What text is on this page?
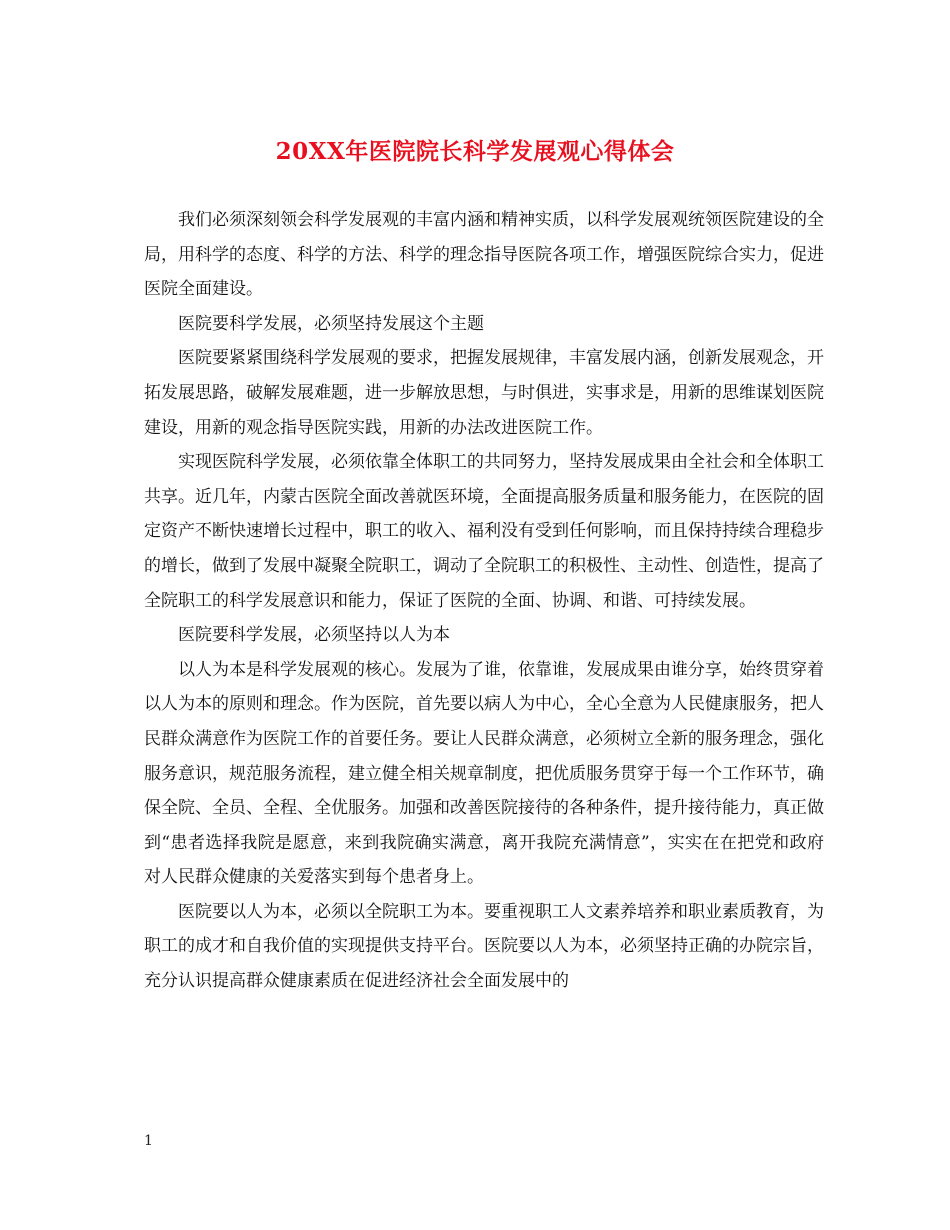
20XX年医院院长科学发展观心得体会

我们必须深刻领会科学发展观的丰富内涵和精神实质，以科学发展观统领医院建设的全局，用科学的态度、科学的方法、科学的理念指导医院各项工作，增强医院综合实力，促进医院全面建设。

医院要科学发展，必须坚持发展这个主题

医院要紧紧围绕科学发展观的要求，把握发展规律，丰富发展内涵，创新发展观念，开拓发展思路，破解发展难题，进一步解放思想，与时俱进，实事求是，用新的思维谋划医院建设，用新的观念指导医院实践，用新的办法改进医院工作。

实现医院科学发展，必须依靠全体职工的共同努力，坚持发展成果由全社会和全体职工共享。近几年，内蒙古医院全面改善就医环境，全面提高服务质量和服务能力，在医院的固定资产不断快速增长过程中，职工的收入、福利没有受到任何影响，而且保持持续合理稳步的增长，做到了发展中凝聚全院职工，调动了全院职工的积极性、主动性、创造性，提高了全院职工的科学发展意识和能力，保证了医院的全面、协调、和谐、可持续发展。

医院要科学发展，必须坚持以人为本

以人为本是科学发展观的核心。发展为了谁，依靠谁，发展成果由谁分享，始终贯穿着以人为本的原则和理念。作为医院，首先要以病人为中心，全心全意为人民健康服务，把人民群众满意作为医院工作的首要任务。要让人民群众满意，必须树立全新的服务理念，强化服务意识，规范服务流程，建立健全相关规章制度，把优质服务贯穿于每一个工作环节，确保全院、全员、全程、全优服务。加强和改善医院接待的各种条件，提升接待能力，真正做到“患者选择我院是愿意，来到我院确实满意，离开我院充满情意”，实实在在把党和政府对人民群众健康的关爱落实到每个患者身上。

医院要以人为本，必须以全院职工为本。要重视职工人文素养培养和职业素质教育，为职工的成才和自我价值的实现提供支持平台。医院要以人为本，必须坚持正确的办院宗旨，充分认识提高群众健康素质在促进经济社会全面发展中的

1
